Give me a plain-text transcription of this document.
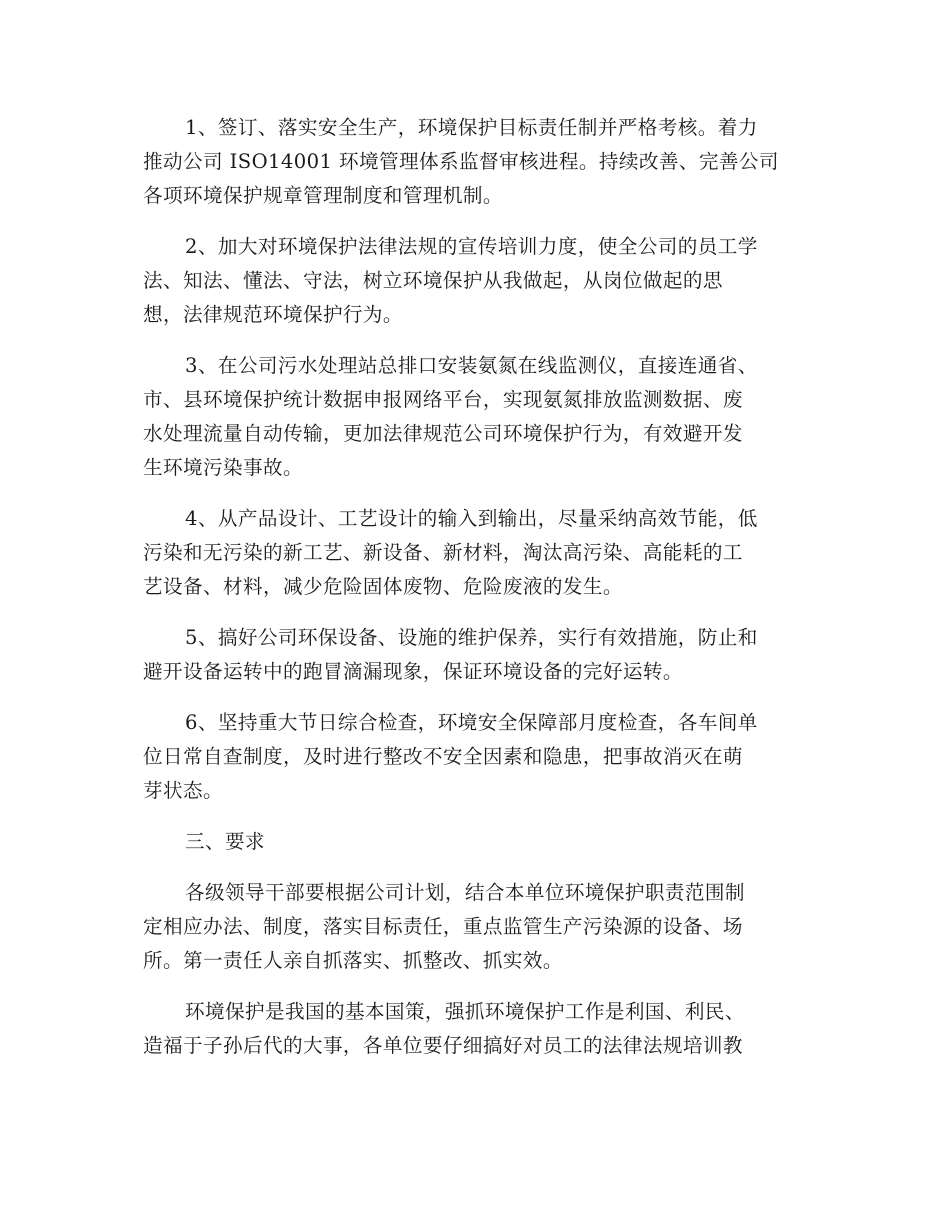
1、签订、落实安全生产，环境保护目标责任制并严格考核。着力
推动公司 ISO14001 环境管理体系监督审核进程。持续改善、完善公司
各项环境保护规章管理制度和管理机制。
2、加大对环境保护法律法规的宣传培训力度，使全公司的员工学
法、知法、懂法、守法，树立环境保护从我做起，从岗位做起的思
想，法律规范环境保护行为。
3、在公司污水处理站总排口安装氨氮在线监测仪，直接连通省、
市、县环境保护统计数据申报网络平台，实现氨氮排放监测数据、废
水处理流量自动传输，更加法律规范公司环境保护行为，有效避开发
生环境污染事故。
4、从产品设计、工艺设计的输入到输出，尽量采纳高效节能，低
污染和无污染的新工艺、新设备、新材料，淘汰高污染、高能耗的工
艺设备、材料，减少危险固体废物、危险废液的发生。
5、搞好公司环保设备、设施的维护保养，实行有效措施，防止和
避开设备运转中的跑冒滴漏现象，保证环境设备的完好运转。
6、坚持重大节日综合检查，环境安全保障部月度检查，各车间单
位日常自查制度，及时进行整改不安全因素和隐患，把事故消灭在萌
芽状态。
三、要求
各级领导干部要根据公司计划，结合本单位环境保护职责范围制
定相应办法、制度，落实目标责任，重点监管生产污染源的设备、场
所。第一责任人亲自抓落实、抓整改、抓实效。
环境保护是我国的基本国策，强抓环境保护工作是利国、利民、
造福于子孙后代的大事，各单位要仔细搞好对员工的法律法规培训教
